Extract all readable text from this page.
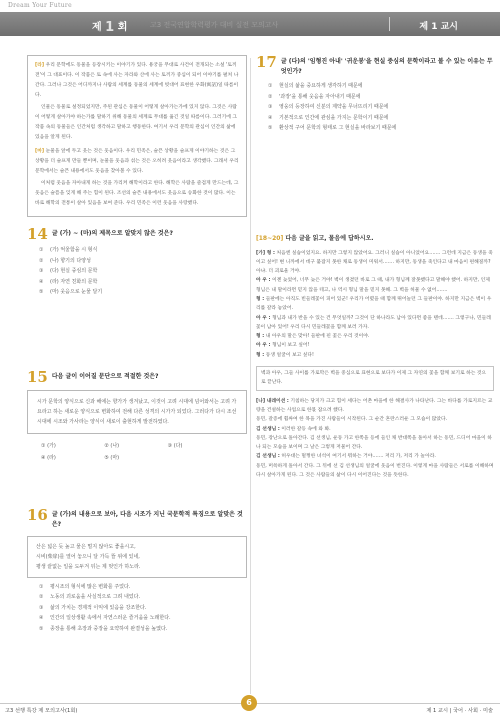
Dream Your Future
제 1 회	고3 전국연합학력평가 대비 실전 모의고사	제 1 교시

[라] 우리 문학에도 동물을 등장시키는 이야기가 있다. 용궁을 무대로 사건이 전개되는 소설 '토끼전'이 그 대표이다. 이 작품은 토 속에 사는 자라와 산에 사는 토끼가 중심이 되어 이야기를 펼쳐 나간다. 그러나 그것은 어디까지나 사람의 세계를 동물의 세계에 빗대어 표현한 우화(寓話)일 따름이다.

인물은 동물로 설정되었지만, 주된 관심은 동물이 어떻게 살아가는가에 있지 않다. 그것은 사람이 어떻게 살아가야 하는가를 말하기 위해 동물의 세계로 무대를 옮긴 것일 따름이다. 그러기에 그 작품 속의 동물들은 인간처럼 생각하고 말하고 행동한다. 여기서 우리 문학의 관심이 인간의 삶에 있음을 알게 된다.

[마] 눈물을 앞에 두고 웃는 것은 웃음이다. 우리 민족은, 슬픈 상황을 슬프게 이야기하는 것은 그 상황을 더 슬프게 만들 뿐이며, 눈물을 웃음과 섞는 것은 오히려 웃음이라고 생각했다. 그래서 우리 문학에서는 슬픈 내용에서도 웃음을 찾아볼 수 있다.

이처럼 웃음을 자아내게 하는 것을 가리켜 해학이라고 한다. 해학은 사람을 즐겁게 만드는데, 그 웃음은 슬픔을 잊게 해 주는 힘이 된다. 조선의 슬픈 내용에서도 웃음으로 승화한 것이 많다. 이는 바로 해학의 전통이 살아 있음을 보여 준다. 우리 민족은 이런 웃음을 사랑했다.

14 글 (가) ~ (마)의 제목으로 알맞지 않은 것은?
①	(가)
억울함을 시 형식
②	(나)
향기의 다양성
③	(다)
현실 중심의 문학
④	(라)
자연 친화의 문학
⑤	(마)
웃음으로 눈물 달기
15 다음 글이 이어질 문단으로 적절한 것은?
시가 문학의 양식으로 신과 해에는 향가가 생겨났고, 이것이 고려 시대에 넘어와서는 고려 가요라고 하는 새로운 양식으로 변화하여 전해 다른 성격의 시가가 되었다. 그러다가 다시 조선 시대에 시조와 가사라는 양식이 새로이 출현하게 발전하였다.
① (가)	② (나)	③ (다)
④ (라)	⑤ (마)
16 글 (가)의 내용으로 보아, 다음 시조가 지닌 국문학적 특징으로 알맞은 것은?
산은 넓은 듯 높고 물은 멀지 않아도 좋을시고,
시비(柴扉)를 열어 놓으니 달 가득 뜰 위에 있네,
평생 끝없는 일을 도두겨 뒤는 제 멋인가 하노라.
①	평시조의 형식에 많은 변화를 주었다.
②	노동의 괴로움을 사실적으로 그려 내었다.
③	삶의 가치는 경제적 이익에 있음을 강조한다.
④	인간의 일상생활 속에서 자연스러운 즐거움을 노래한다.
⑤	종장을 통해 초장과 중장을 요약하여 완결성을 높였다.
17 글 (다)의 '임형진 아내' '귀운봉'을 현실 중심의 문학이라고 볼 수 있는 이유는 무엇인가?
①	현실의 삶을 중요하게 생각하기 때문에
②	'과장'을 통해 웃음을 자아내기 때문에
③	영웅의 등장하여 신분의 제약을 무너뜨리기 때문에
④	기본적으로 인간에 관심을 가지는 문학이기 때문에
⑤	환상적 구어 문학의 형태로 그 현실을 바라보기 때문에
[18~20] 다음 글을 읽고, 물음에 답하시오.

[가] 형 : 처음엔 실습이었지요. 하지만 그렇지 않았어요. 그러니 실습이 아니었어요……. 그런데 지금은 동생을 죽이고 싶어! 변 니까에서 데구 붙잡지 못한 채로 동생이 미워서……. 하지만, 동생을 죽인다고 내 마음이 편해질까? 아냐. 더 괴로울 거야.

아 우 : 이젠 늦었어, 너무 늦은 거야! 벽이 생겼던 바로 그 때, 내가 형님께 잘못했다고 말해야 했어. 하지만, 인제 형님은 내 말이라면 믿지 않을 테고, 나 역시 형님 말을 믿지 못해. 그 벽을 허물 수 없어…….

형 : 들판에는 아직도 빈들레꽃이 피어 있군! 우리가 어렸을 때 함께 뛰어놀던 그 들판이야. 하지만 지금은 벽이 우리를 갈라 놓았어.

아 우 : 형님과 내가 반을 수 있는 건 무엇일까? 그것이 단 하나라도 남아 있다면 좋을 텐데……. 그렇구나, 민들레꽃이 남아 있어! 우리 다시 민들레꽃을 함께 보러 가자.

형 : 내 아우의 말은 맞아! 들판에 핀 꽃은 우리 것이야.

아 우 : 형님이 보고 싶어!

형 : 동생 얼굴이 보고 싶다!

벽과 아우, 그들 사이를 가로막은 벽을 중심으로 표현으로 보다가 이제 그 자연의 꽃을 함께 보기로 하는 것으로 끝난다.

[나] 내레이션 : 기침하는 당지가 크고 힘이 세다는 어촌 마을에 한 해결사가 나타난다. 그는 바다를 가로지르는 교량을 건설하는 사업으로 한몫 잡으려 했다.

동민, 갈증에 휩싸여 한 목을 가진 사람들이 시작된다. 그 순간 혼란스러운 그 모습이 많았다.

김 선생님 : 이러한 갈등 속에 와 봐.

동민, 장난으로 돌아간다. 김 선생님, 운동 가고 한쪽을 등에 들인 채 반대쪽을 돌아서 하는 동민, 드디어 마을이 하나 되는 모습을 보이며 그 날은 그렇게 저물어 간다.

김 선생님 : 허우대는 멀쩡한 녀석이 여기서 뭐하는 거야……. 저리 가, 저리 가 놀아라.

동민, 머쓱하게 돌아서 간다. 그 뒤에 선 김 선생님의 얼굴에 웃음이 번진다. 이렇게 마을 사람들은 서로를 이해하며 다시 살아가게 된다. 그 것은 사람들의 삶이 다시 이어진다는 것을 뜻한다.

고3 선행 특강 제 모의고사(1회)
6
제 1 교시 | 국어 · 사회 · 미술
